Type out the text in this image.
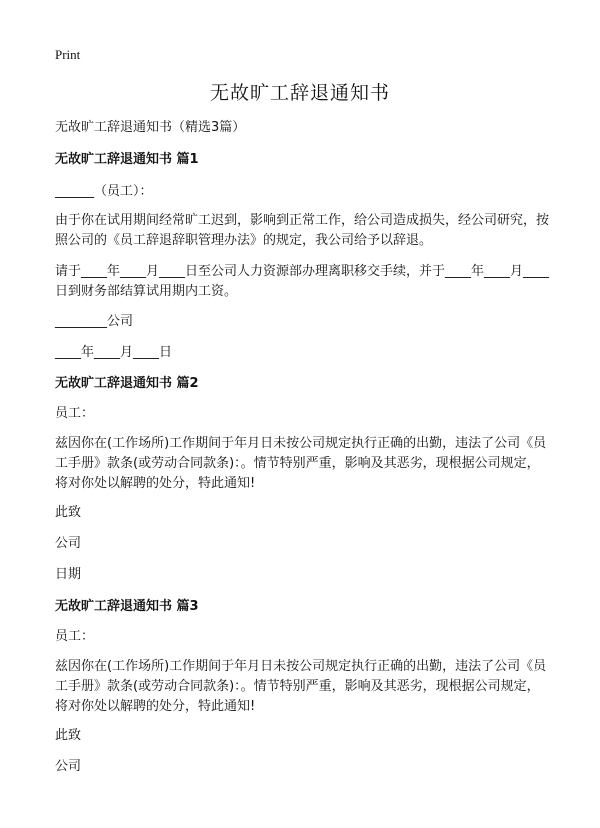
Print
无故旷工辞退通知书
无故旷工辞退通知书（精选3篇）
无故旷工辞退通知书 篇1
______（员工）：
由于你在试用期间经常旷工迟到，影响到正常工作，给公司造成损失，经公司研究，按照公司的《员工辞退辞职管理办法》的规定，我公司给予以辞退。
请于____年____月____日至公司人力资源部办理离职移交手续，并于____年____月____日到财务部结算试用期内工资。
________公司
____年____月____日
无故旷工辞退通知书 篇2
员工：
兹因你在(工作场所)工作期间于年月日未按公司规定执行正确的出勤，违法了公司《员工手册》款条(或劳动合同款条)：。情节特别严重，影响及其恶劣，现根据公司规定，将对你处以解聘的处分，特此通知!
此致
公司
日期
无故旷工辞退通知书 篇3
员工：
兹因你在(工作场所)工作期间于年月日未按公司规定执行正确的出勤，违法了公司《员工手册》款条(或劳动合同款条)：。情节特别严重，影响及其恶劣，现根据公司规定，将对你处以解聘的处分，特此通知!
此致
公司
